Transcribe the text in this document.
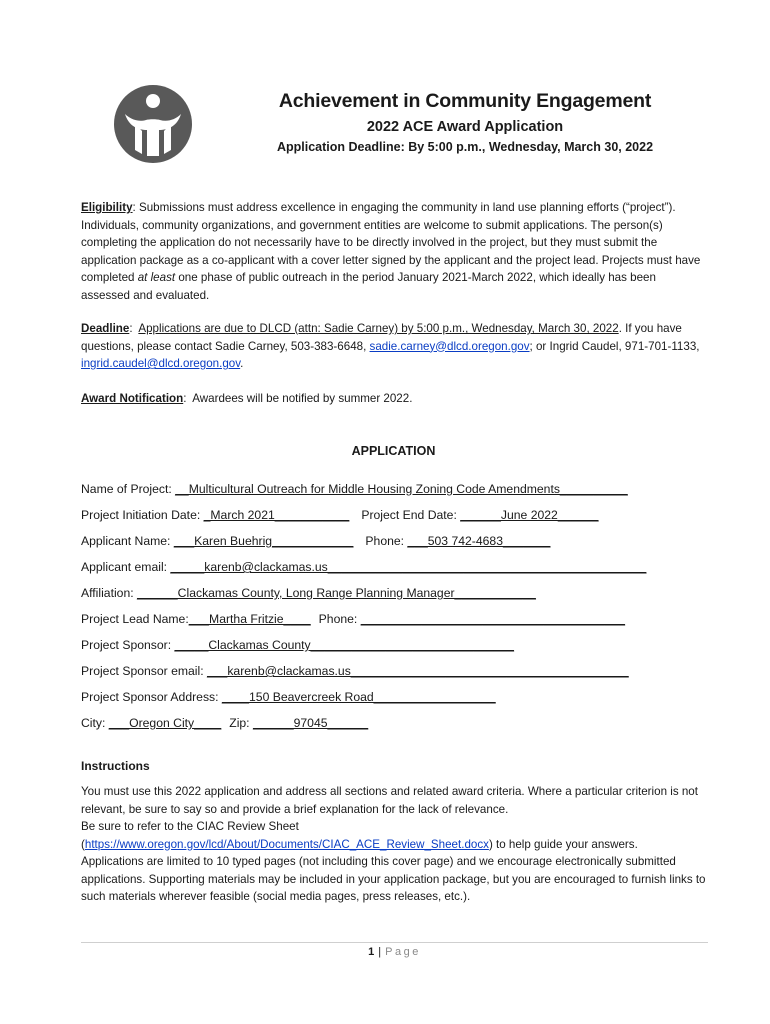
Achievement in Community Engagement
2022 ACE Award Application
Application Deadline: By 5:00 p.m., Wednesday, March 30, 2022
Eligibility: Submissions must address excellence in engaging the community in land use planning efforts (“project”). Individuals, community organizations, and government entities are welcome to submit applications. The person(s) completing the application do not necessarily have to be directly involved in the project, but they must submit the application package as a co-applicant with a cover letter signed by the applicant and the project lead. Projects must have completed at least one phase of public outreach in the period January 2021-March 2022, which ideally has been assessed and evaluated.
Deadline:  Applications are due to DLCD (attn: Sadie Carney) by 5:00 p.m., Wednesday, March 30, 2022. If you have questions, please contact Sadie Carney, 503-383-6648, sadie.carney@dlcd.oregon.gov; or Ingrid Caudel, 971-701-1133, ingrid.caudel@dlcd.oregon.gov.
Award Notification:  Awardees will be notified by summer 2022.
APPLICATION
Name of Project: __Multicultural Outreach for Middle Housing Zoning Code Amendments__________
Project Initiation Date: _March 2021___________ Project End Date: ______June 2022______
Applicant Name: ___Karen Buehrig____________ Phone: ___503 742-4683_______
Applicant email: _____karenb@clackamas.us_______________________________________________
Affiliation: ______Clackamas County, Long Range Planning Manager____________
Project Lead Name:___Martha Fritzie____ Phone: _______________________________________
Project Sponsor: _____Clackamas County______________________________
Project Sponsor email: ___karenb@clackamas.us_________________________________________
Project Sponsor Address: ____150 Beavercreek Road__________________
City: ___Oregon City____ Zip: ______97045______
Instructions
You must use this 2022 application and address all sections and related award criteria. Where a particular criterion is not relevant, be sure to say so and provide a brief explanation for the lack of relevance.
Be sure to refer to the CIAC Review Sheet (https://www.oregon.gov/lcd/About/Documents/CIAC_ACE_Review_Sheet.docx) to help guide your answers.
Applications are limited to 10 typed pages (not including this cover page) and we encourage electronically submitted applications. Supporting materials may be included in your application package, but you are encouraged to furnish links to such materials wherever feasible (social media pages, press releases, etc.).
1 | Page
